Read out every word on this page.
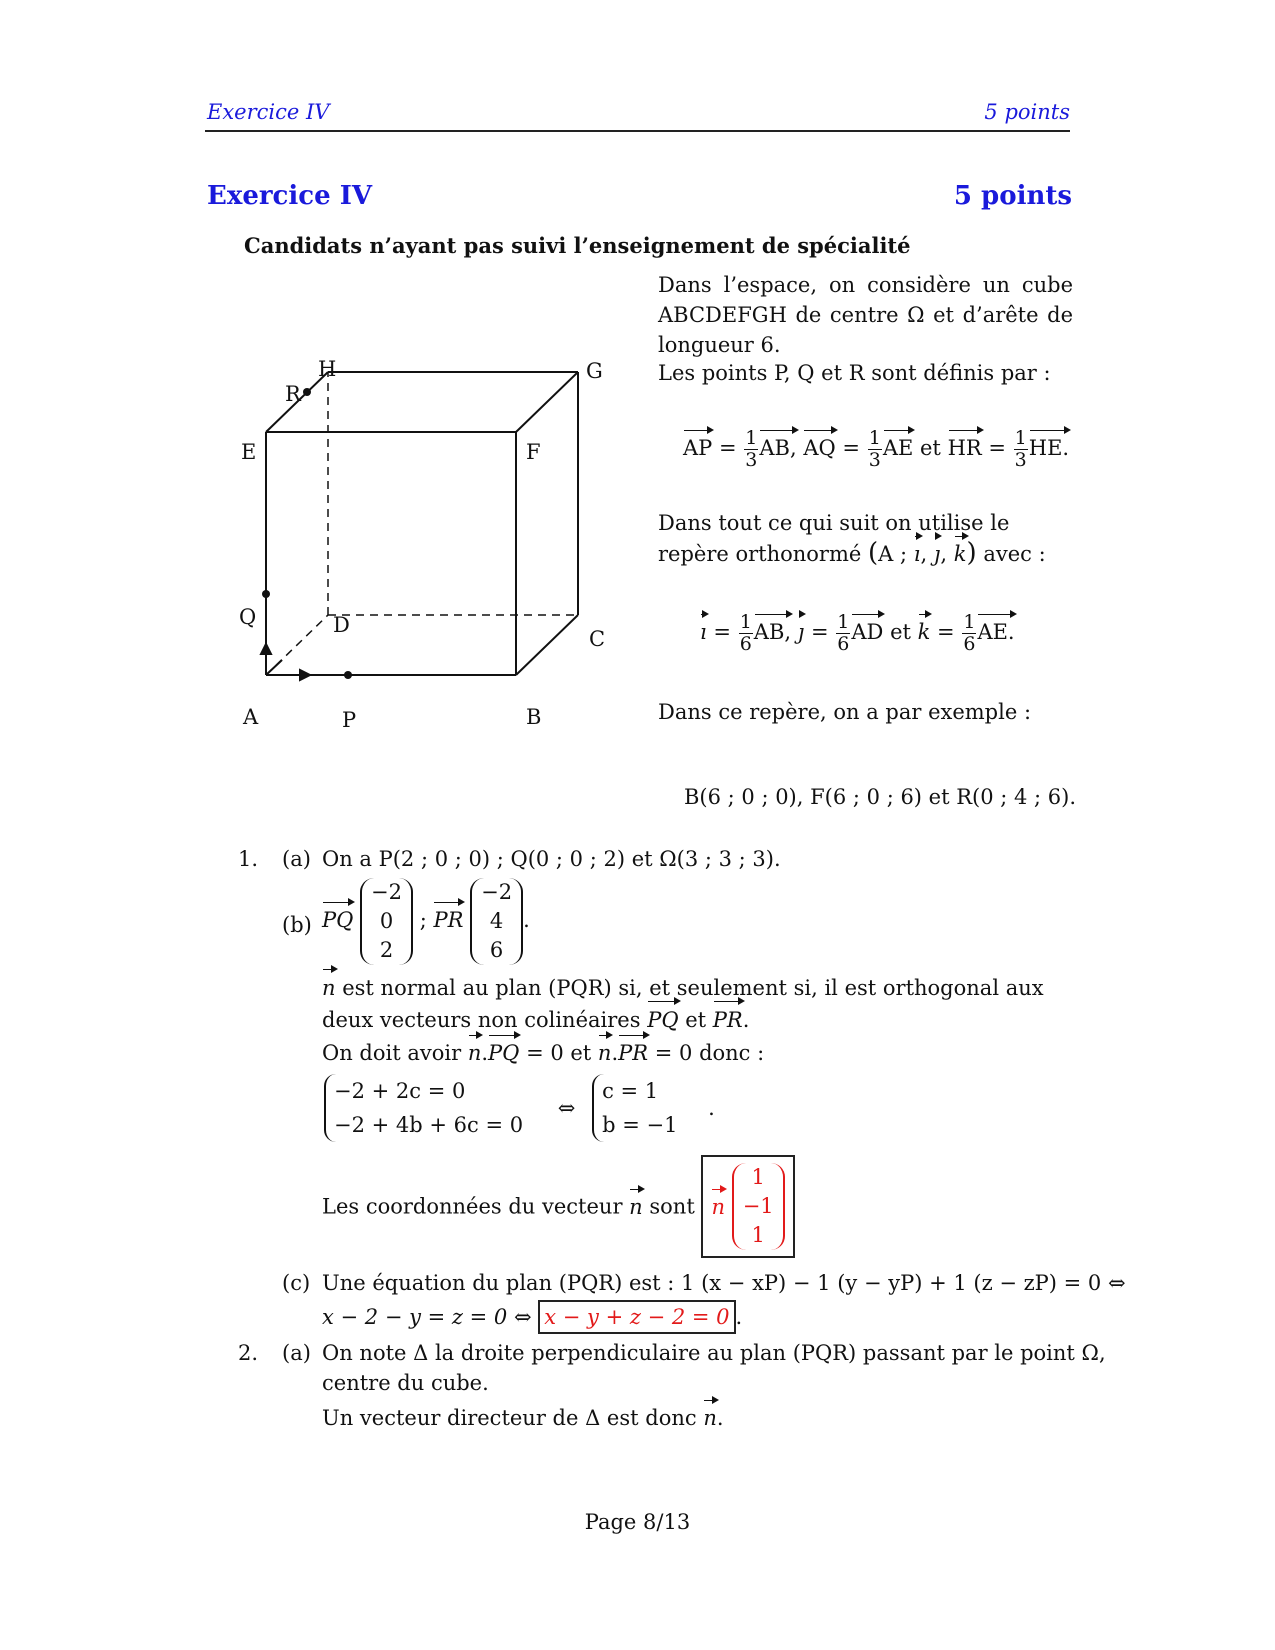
Exercice IV	5 points
Exercice IV	5 points
Candidats n’ayant pas suivi l’enseignement de spécialité
H	G
R
E	F
Q	D
C
A	P	B
Dans l’espace, on considère un cube ABCDEFGH de centre Ω et d’arête de longueur 6.
Les points P, Q et R sont définis par :
AP = $\frac{1}{3}$ AB, AQ = $\frac{1}{3}$ AE et HR = $\frac{1}{3}$ HE.
Dans tout ce qui suit on utilise le repère orthonormé (A ; ı, ȷ, k) avec :
ı = $\frac{1}{6}$ AB, ȷ = $\frac{1}{6}$ AD et $k = \frac{1}{6}$ AE.
Dans ce repère, on a par exemple :
B(6 ; 0 ; 0), F(6 ; 0 ; 6) et R(0 ; 4 ; 6).
1. (a) On a P(2 ; 0 ; 0) ; Q(0 ; 0 ; 2) et Ω(3 ; 3 ; 3).
(b) PQ
−2
0
2
; PR
−2
4
6
.
n est normal au plan (PQR) si, et seulement si, il est orthogonal aux deux vecteurs non colinéaires PQ et PR.
On doit avoir n.PQ = 0 et n.PR = 0 donc :
−2 + 2c = 0
−2 + 4b + 6c = 0
⇔
c = 1
b = −1
.
Les coordonnées du vecteur n sont n
1
−1
1
(c) Une équation du plan (PQR) est : 1 (x − xP) − 1 (y − yP) + 1 (z − zP) = 0 ⇔
x − 2 − y = z = 0 ⇔ x − y + z − 2 = 0 .
2. (a) On note Δ la droite perpendiculaire au plan (PQR) passant par le point Ω,
centre du cube.
Un vecteur directeur de Δ est donc n.
Page 8/13
